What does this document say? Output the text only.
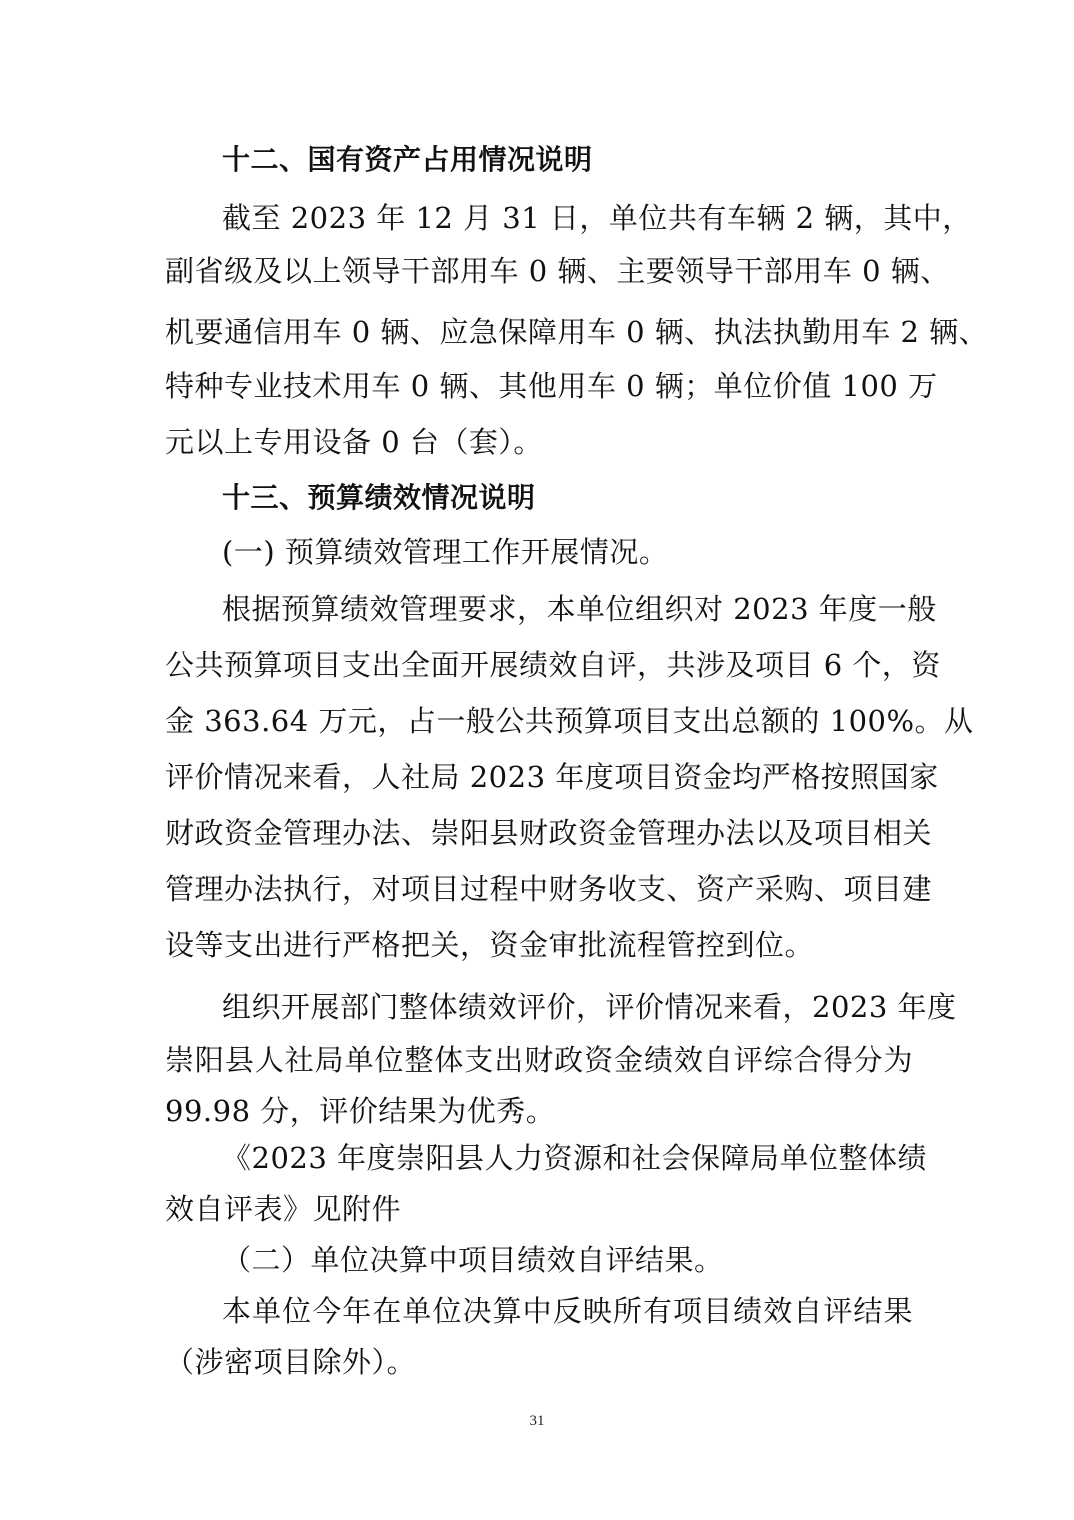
十二、国有资产占用情况说明
截至 2023 年 12 月 31 日，单位共有车辆 2 辆，其中，
副省级及以上领导干部用车 0 辆、主要领导干部用车 0 辆、
机要通信用车 0 辆、应急保障用车 0 辆、执法执勤用车 2 辆、
特种专业技术用车 0 辆、其他用车 0 辆；单位价值 100 万
元以上专用设备 0 台（套）。
十三、预算绩效情况说明
(一) 预算绩效管理工作开展情况。
根据预算绩效管理要求，本单位组织对 2023 年度一般
公共预算项目支出全面开展绩效自评，共涉及项目 6 个，资
金 363.64 万元，占一般公共预算项目支出总额的 100%。从
评价情况来看，人社局 2023 年度项目资金均严格按照国家
财政资金管理办法、崇阳县财政资金管理办法以及项目相关
管理办法执行，对项目过程中财务收支、资产采购、项目建
设等支出进行严格把关，资金审批流程管控到位。
组织开展部门整体绩效评价，评价情况来看，2023 年度
崇阳县人社局单位整体支出财政资金绩效自评综合得分为
99.98 分，评价结果为优秀。
《2023 年度崇阳县人力资源和社会保障局单位整体绩
效自评表》见附件
（二）单位决算中项目绩效自评结果。
本单位今年在单位决算中反映所有项目绩效自评结果
（涉密项目除外）。
31
